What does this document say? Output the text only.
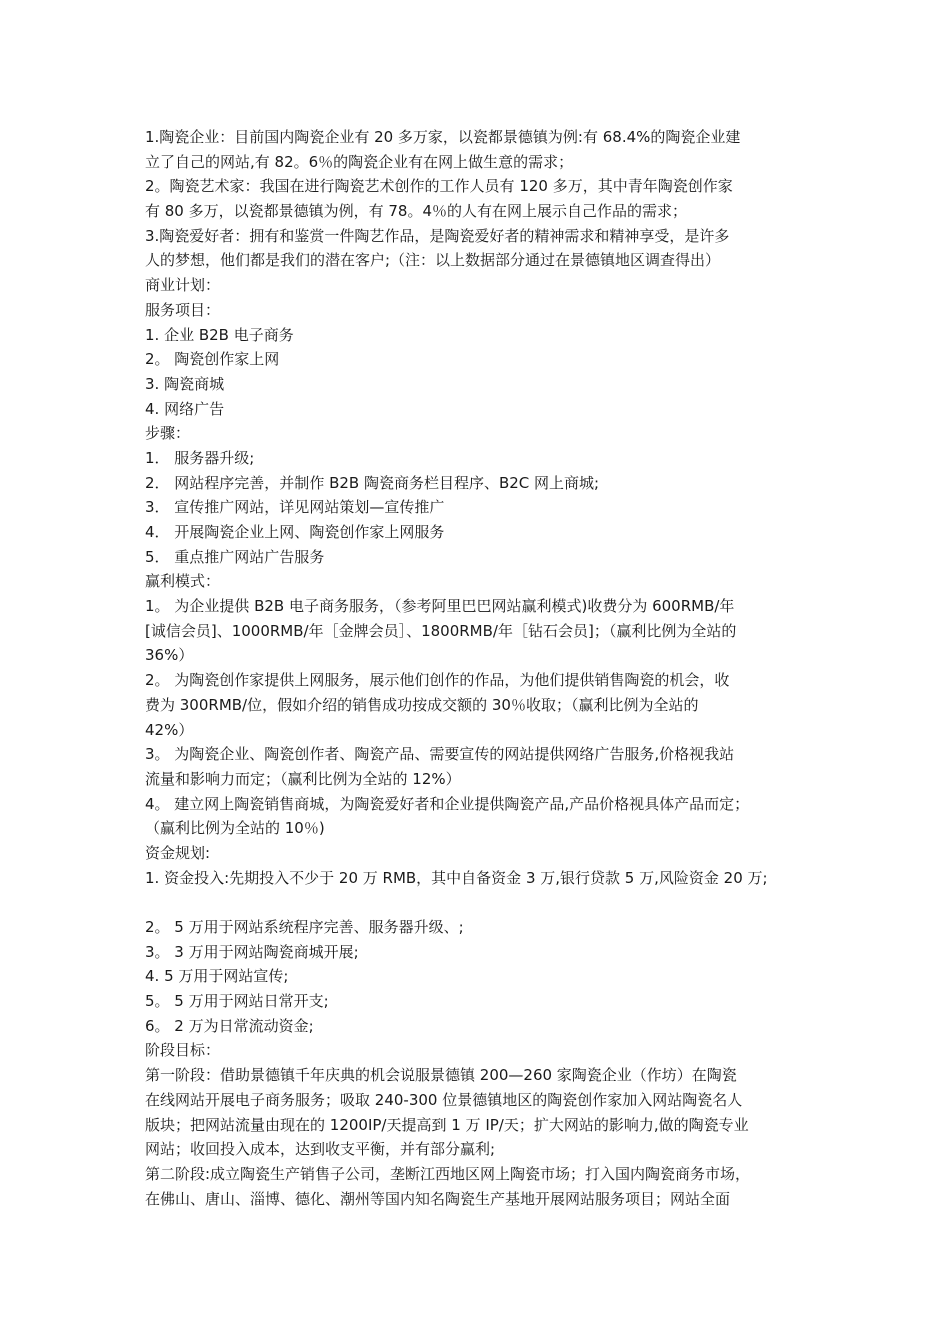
1.陶瓷企业：目前国内陶瓷企业有 20 多万家，以瓷都景德镇为例:有 68.4%的陶瓷企业建
立了自己的网站,有 82。6％的陶瓷企业有在网上做生意的需求；
2。陶瓷艺术家：我国在进行陶瓷艺术创作的工作人员有 120 多万，其中青年陶瓷创作家
有 80 多万，以瓷都景德镇为例，有 78。4％的人有在网上展示自己作品的需求；
3.陶瓷爱好者：拥有和鉴赏一件陶艺作品，是陶瓷爱好者的精神需求和精神享受，是许多
人的梦想，他们都是我们的潜在客户;（注：以上数据部分通过在景德镇地区调查得出）
商业计划：
服务项目：
1. 企业 B2B 电子商务
2。 陶瓷创作家上网
3. 陶瓷商城
4. 网络广告
步骤：
1． 服务器升级;
2． 网站程序完善，并制作 B2B 陶瓷商务栏目程序、B2C 网上商城;
3． 宣传推广网站，详见网站策划—宣传推广
4． 开展陶瓷企业上网、陶瓷创作家上网服务
5． 重点推广网站广告服务
赢利模式：
1。 为企业提供 B2B 电子商务服务，（参考阿里巴巴网站赢利模式)收费分为 600RMB/年
[诚信会员]、1000RMB/年［金牌会员］、1800RMB/年［钻石会员]；（赢利比例为全站的
36%）
2。 为陶瓷创作家提供上网服务，展示他们创作的作品，为他们提供销售陶瓷的机会，收
费为 300RMB/位，假如介绍的销售成功按成交额的 30％收取；（赢利比例为全站的
42%）
3。 为陶瓷企业、陶瓷创作者、陶瓷产品、需要宣传的网站提供网络广告服务,价格视我站
流量和影响力而定；（赢利比例为全站的 12%）
4。 建立网上陶瓷销售商城，为陶瓷爱好者和企业提供陶瓷产品,产品价格视具体产品而定；
（赢利比例为全站的 10％)
资金规划:
1. 资金投入:先期投入不少于 20 万 RMB，其中自备资金 3 万,银行贷款 5 万,风险资金 20 万;
2。 5 万用于网站系统程序完善、服务器升级、;
3。 3 万用于网站陶瓷商城开展;
4. 5 万用于网站宣传;
5。 5 万用于网站日常开支;
6。 2 万为日常流动资金;
阶段目标：
第一阶段：借助景德镇千年庆典的机会说服景德镇 200—260 家陶瓷企业（作坊）在陶瓷
在线网站开展电子商务服务；吸取 240-300 位景德镇地区的陶瓷创作家加入网站陶瓷名人
版块；把网站流量由现在的 1200IP/天提高到 1 万 IP/天；扩大网站的影响力,做的陶瓷专业
网站；收回投入成本，达到收支平衡，并有部分赢利;
第二阶段:成立陶瓷生产销售子公司，垄断江西地区网上陶瓷市场；打入国内陶瓷商务市场，
在佛山、唐山、淄博、德化、潮州等国内知名陶瓷生产基地开展网站服务项目；网站全面
